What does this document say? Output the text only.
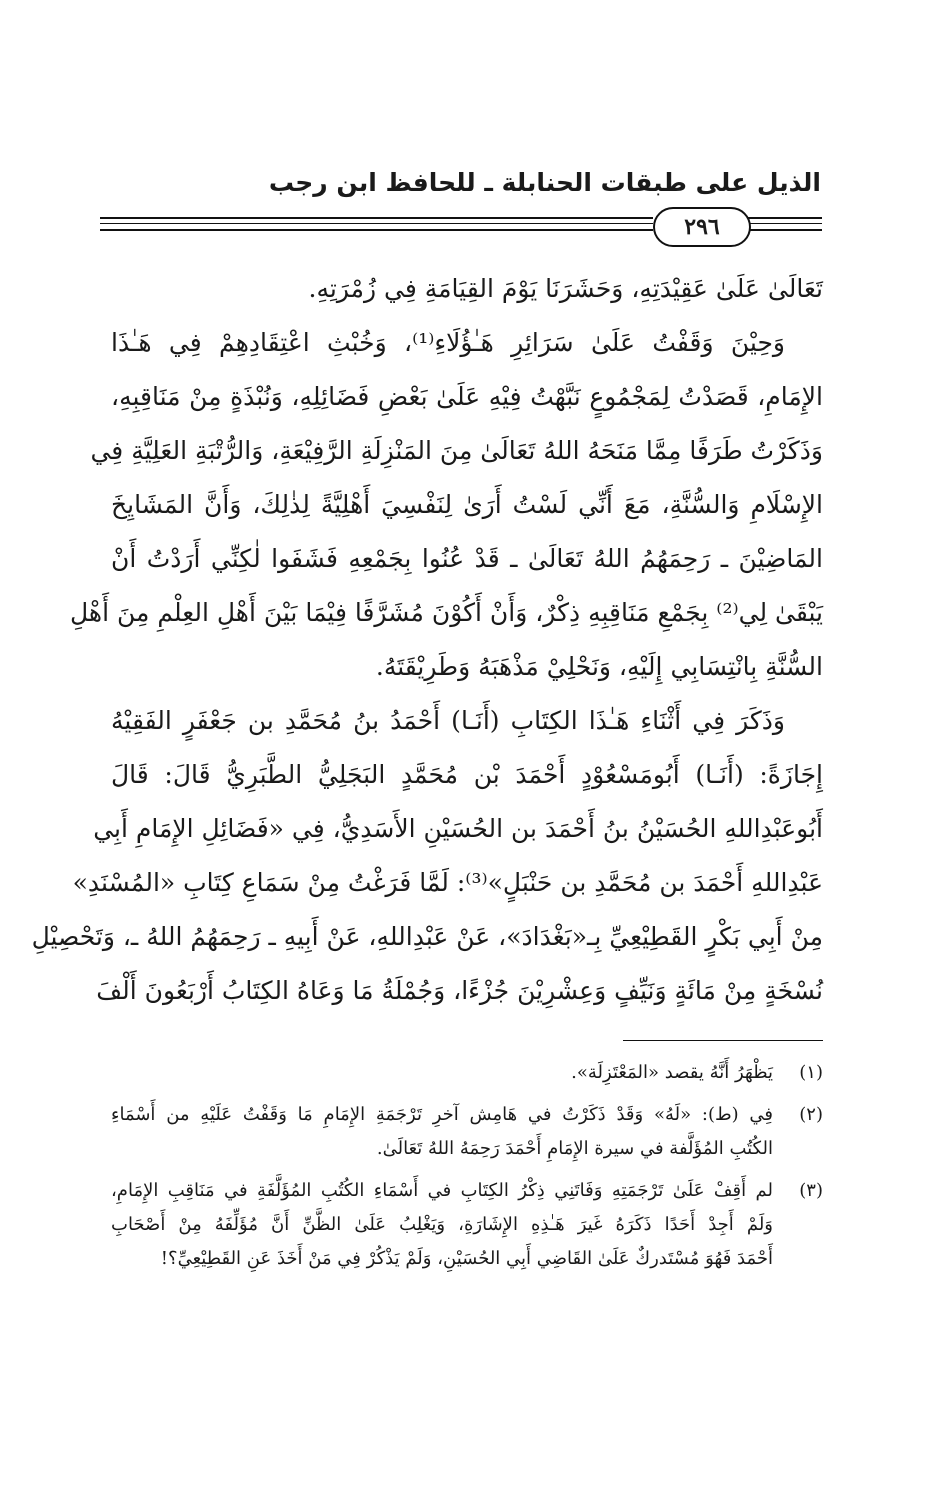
الذيل على طبقات الحنابلة ـ للحافظ ابن رجب
٢٩٦
تَعَالَىٰ عَلَىٰ عَقِيْدَتِهِ، وَحَشَرَنَا يَوْمَ القِيَامَةِ فِي زُمْرَتِهِ.
وَحِيْنَ وَقَفْتُ عَلَىٰ سَرَائِرِ هَـٰؤُلَاءِ⁽¹⁾، وَخُبْثِ اعْتِقَادِهِمْ فِي هَـٰذَا
الإِمَامِ، قَصَدْتُ لِمَجْمُوعٍ نَبَّهْتُ فِيْهِ عَلَىٰ بَعْضِ فَضَائِلِهِ، وَنُبْذَةٍ مِنْ مَنَاقِبِهِ،
وَذَكَرْتُ طَرَفًا مِمَّا مَنَحَهُ اللهُ تَعَالَىٰ مِنَ المَنْزِلَةِ الرَّفِيْعَةِ، وَالرُّتْبَةِ العَلِيَّةِ فِي
الإِسْلَامِ وَالسُّنَّةِ، مَعَ أَنِّي لَسْتُ أَرَىٰ لِنَفْسِيَ أَهْلِيَّةً لِذٰلِكَ، وَأَنَّ المَشَايِخَ
المَاضِيْنَ ـ رَحِمَهُمُ اللهُ تَعَالَىٰ ـ قَدْ عُنُوا بِجَمْعِهِ فَشَفَوا لٰكِنِّي أَرَدْتُ أَنْ
يَبْقَىٰ لِي⁽²⁾ بِجَمْعِ مَنَاقِبِهِ ذِكْرٌ، وَأَنْ أَكُوْنَ مُشَرَّفًا فِيْمَا بَيْنَ أَهْلِ العِلْمِ مِنَ أَهْلِ
السُّنَّةِ بِانْتِسَابِي إِلَيْهِ، وَنَحْلِيْ مَذْهَبَهُ وَطَرِيْقَتَهُ.
وَذَكَرَ فِي أَثْنَاءِ هَـٰذَا الكِتَابِ (أَنَـا) أَحْمَدُ بنُ مُحَمَّدِ بن جَعْفَرٍ الفَقِيْهُ
إِجَازَةً: (أَنَـا) أَبُومَسْعُوْدٍ أَحْمَدَ بْن مُحَمَّدٍ البَجَلِيُّ الطَّبَرِيُّ قَالَ: قَالَ
أَبُوعَبْدِاللهِ الحُسَيْنُ بنُ أَحْمَدَ بن الحُسَيْنِ الأَسَدِيُّ، فِي «فَضَائِلِ الإِمَامِ أَبِي
عَبْدِاللهِ أَحْمَدَ بن مُحَمَّدِ بن حَنْبَلٍ»⁽³⁾: لَمَّا فَرَغْتُ مِنْ سَمَاعِ كِتَابِ «المُسْنَدِ»
مِنْ أَبِي بَكْرٍ القَطِيْعِيِّ بِـ«بَغْدَادَ»، عَنْ عَبْدِاللهِ، عَنْ أَبِيهِ ـ رَحِمَهُمُ اللهُ ـ، وَتَحْصِيْلِ
نُسْخَةٍ مِنْ مَائَةٍ وَنَيِّفٍ وَعِشْرِيْنَ جُزْءًا، وَجُمْلَةُ مَا وَعَاهُ الكِتَابُ أَرْبَعُونَ أَلْفَ
(١)
يَظْهَرُ أَنَّهُ يقصد «المَعْتَزِلَة».
(٢)
فِي (ط): «لَهُ» وَقَدْ ذَكَرْتُ في هَامِش آخرِ تَرْجَمَةِ الإِمَامِ مَا وَقَفْتُ عَلَيْهِ من أَسْمَاءِ
الكُتُبِ المُؤَلَّفة في سيرة الإِمَامِ أَحْمَدَ رَحِمَهُ اللهُ تَعَالَىٰ.
(٣)
لم أَقِفْ عَلَىٰ تَرْجَمَتِهِ وَفَاتَنِي ذِكْرُ الكِتَابِ في أَسْمَاءِ الكُتُبِ المُؤَلَّفَةِ في مَنَاقِبِ الإِمَامِ،
وَلَمْ أَجِدْ أَحَدًا ذَكَرَهُ غَيرَ هَـٰذِهِ الإِشَارَةِ، وَيَغْلِبُ عَلَىٰ الظَّنِّ أَنَّ مُؤَلِّفَهُ مِنْ أَصْحَابِ
أَحْمَدَ فَهُوَ مُسْتَدركٌ عَلَىٰ القَاضِي أَبِي الحُسَيْنِ، وَلَمْ يَذْكُرْ فِي مَنْ أَخَذَ عَنِ القَطِيْعِيِّ؟!
